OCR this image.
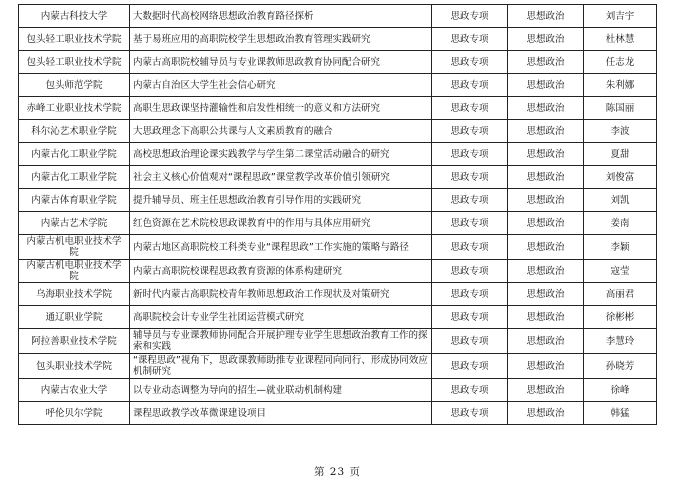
内蒙古科技大学	大数据时代高校网络思想政治教育路径探析	思政专项	思想政治	刘吉宇
包头轻工职业技术学院	基于易班应用的高职院校学生思想政治教育管理实践研究	思政专项	思想政治	杜林慧
包头轻工职业技术学院	内蒙古高职院校辅导员与专业课教师思政教育协同配合研究	思政专项	思想政治	任志龙
包头师范学院	内蒙古自治区大学生社会信心研究	思政专项	思想政治	朱利娜
赤峰工业职业技术学院	高职生思政课坚持灌输性和启发性相统一的意义和方法研究	思政专项	思想政治	陈国丽
科尔沁艺术职业学院	大思政理念下高职公共课与人文素质教育的融合	思政专项	思想政治	李波
内蒙古化工职业学院	高校思想政治理论课实践教学与学生第二课堂活动融合的研究	思政专项	思想政治	夏甜
内蒙古化工职业学院	社会主义核心价值观对“课程思政”课堂教学改革价值引领研究	思政专项	思想政治	刘俊富
内蒙古体育职业学院	提升辅导员、班主任思想政治教育引导作用的实践研究	思政专项	思想政治	刘凯
内蒙古艺术学院	红色资源在艺术院校思政课教育中的作用与具体应用研究	思政专项	思想政治	姜南
内蒙古机电职业技术学院	内蒙古地区高职院校工科类专业“课程思政”工作实施的策略与路径	思政专项	思想政治	李颖
内蒙古机电职业技术学院	内蒙古高职院校课程思政教育资源的体系构建研究	思政专项	思想政治	寇莹
乌海职业技术学院	新时代内蒙古高职院校青年教师思想政治工作现状及对策研究	思政专项	思想政治	高丽君
通辽职业学院	高职院校会计专业学生社团运营模式研究	思政专项	思想政治	徐彬彬
阿拉善职业技术学院	辅导员与专业课教师协同配合开展护理专业学生思想政治教育工作的探索和实践	思政专项	思想政治	李慧玲
包头职业技术学院	“课程思政”视角下，思政课教师助推专业课程同向同行、形成协同效应机制研究	思政专项	思想政治	孙晓芳
内蒙古农业大学	以专业动态调整为导向的招生—就业联动机制构建	思政专项	思想政治	徐峰
呼伦贝尔学院	课程思政教学改革微课建设项目	思政专项	思想政治	韩猛
第 23 页
